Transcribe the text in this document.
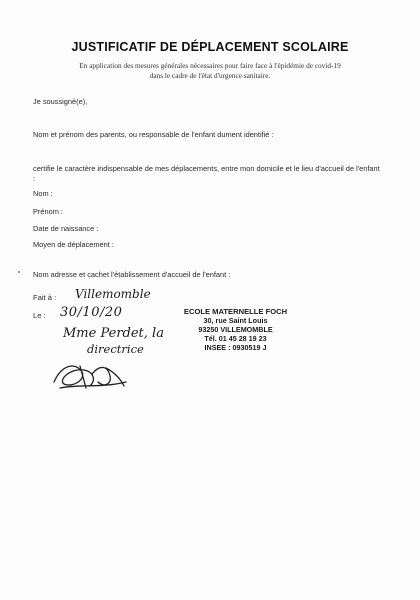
JUSTIFICATIF DE DÉPLACEMENT SCOLAIRE
En application des mesures générales nécessaires pour faire face à l'épidémie de covid-19
dans le cadre de l'état d'urgence sanitaire.
Je soussigné(e),
Nom et prénom des parents, ou responsable de l'enfant dument identifié :
certifie le caractère indispensable de mes déplacements, entre mon domicile et le lieu d'accueil de l'enfant :
Nom :
Prénom :
Date de naissance :
Moyen de déplacement :
Nom adresse et cachet l'établissement d'accueil de l'enfant :
Fait à : Villemomble
Le : 30/10/20
Mme Perdet, la
directrice
ECOLE MATERNELLE FOCH
30, rue Saint Louis
93250 VILLEMOMBLE
Tél. 01 45 28 19 23
INSEE : 0930519 J
